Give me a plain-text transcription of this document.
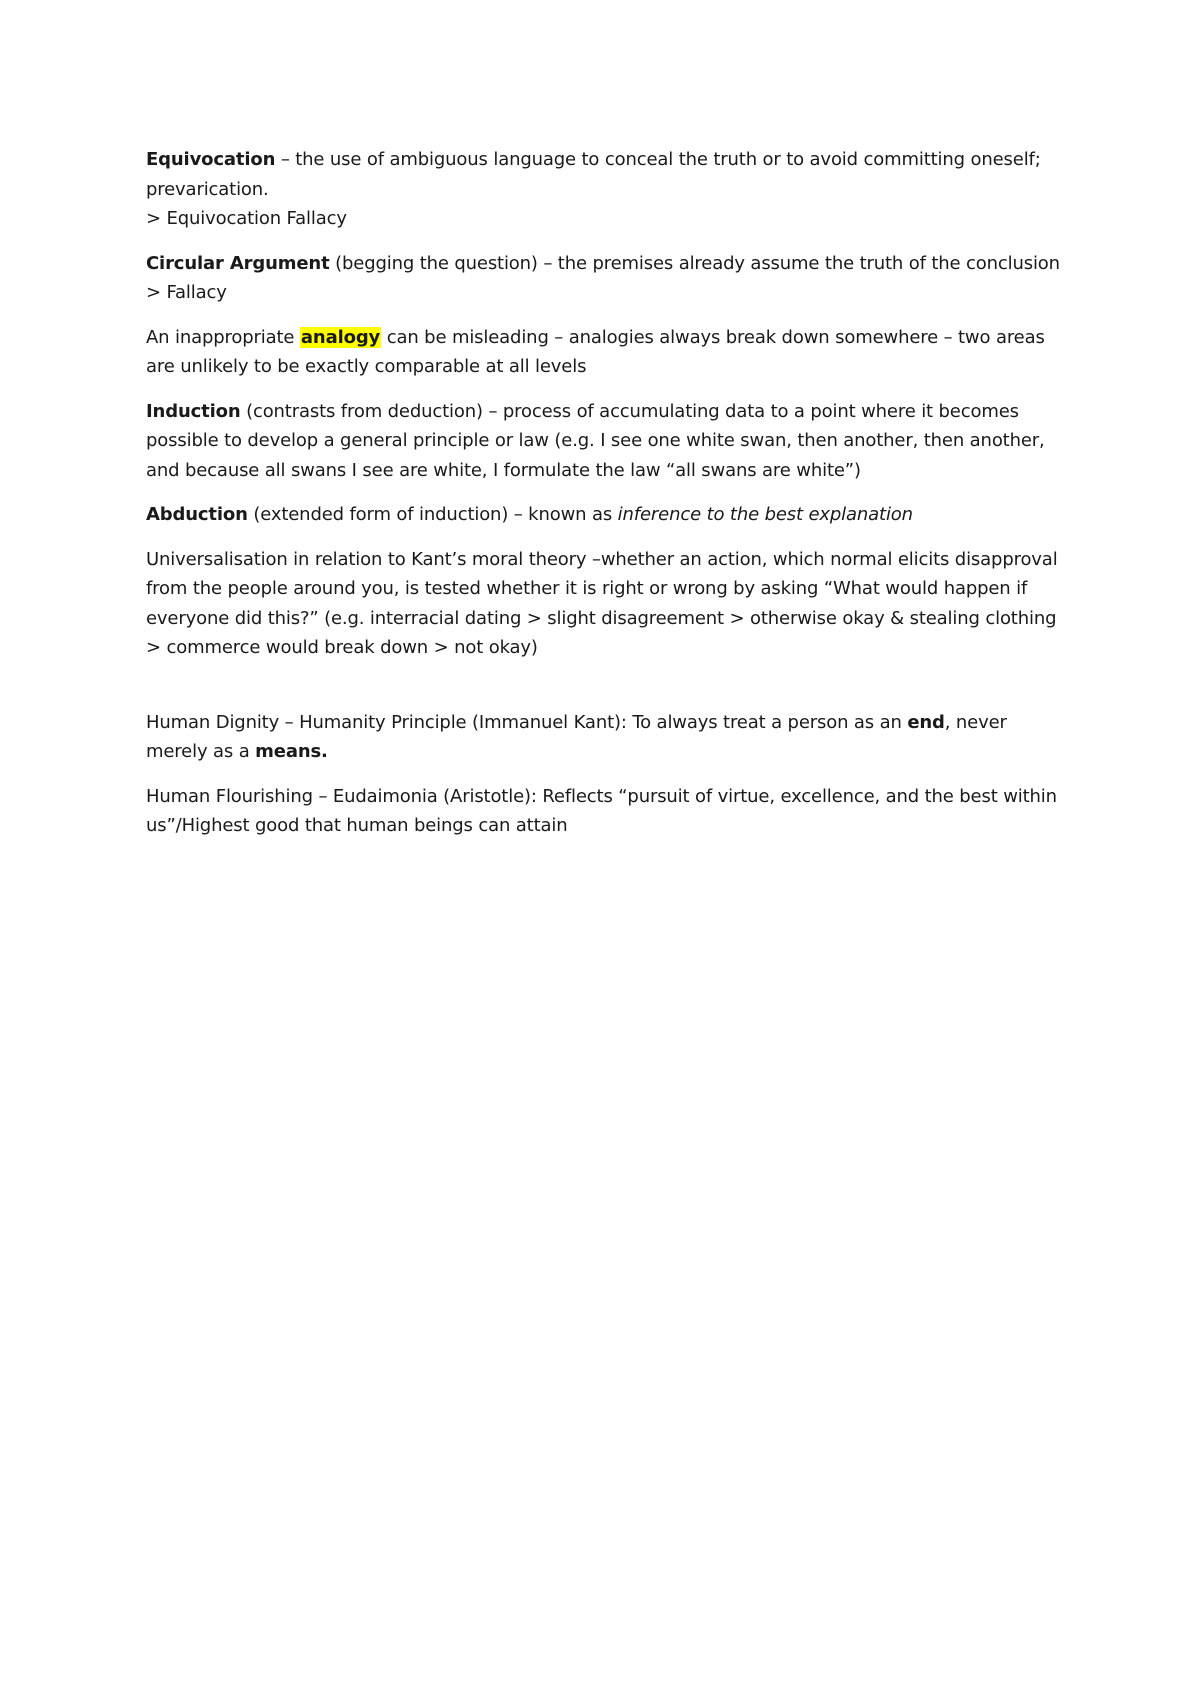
Equivocation – the use of ambiguous language to conceal the truth or to avoid committing oneself; prevarication.
> Equivocation Fallacy

Circular Argument (begging the question) – the premises already assume the truth of the conclusion
> Fallacy

An inappropriate analogy can be misleading – analogies always break down somewhere – two areas are unlikely to be exactly comparable at all levels

Induction (contrasts from deduction) – process of accumulating data to a point where it becomes possible to develop a general principle or law (e.g. I see one white swan, then another, then another, and because all swans I see are white, I formulate the law “all swans are white”)

Abduction (extended form of induction) – known as inference to the best explanation

Universalisation in relation to Kant’s moral theory –whether an action, which normal elicits disapproval from the people around you, is tested whether it is right or wrong by asking “What would happen if everyone did this?” (e.g. interracial dating > slight disagreement > otherwise okay & stealing clothing > commerce would break down > not okay)

Human Dignity – Humanity Principle (Immanuel Kant): To always treat a person as an end, never merely as a means.

Human Flourishing – Eudaimonia (Aristotle): Reflects “pursuit of virtue, excellence, and the best within us”/Highest good that human beings can attain
